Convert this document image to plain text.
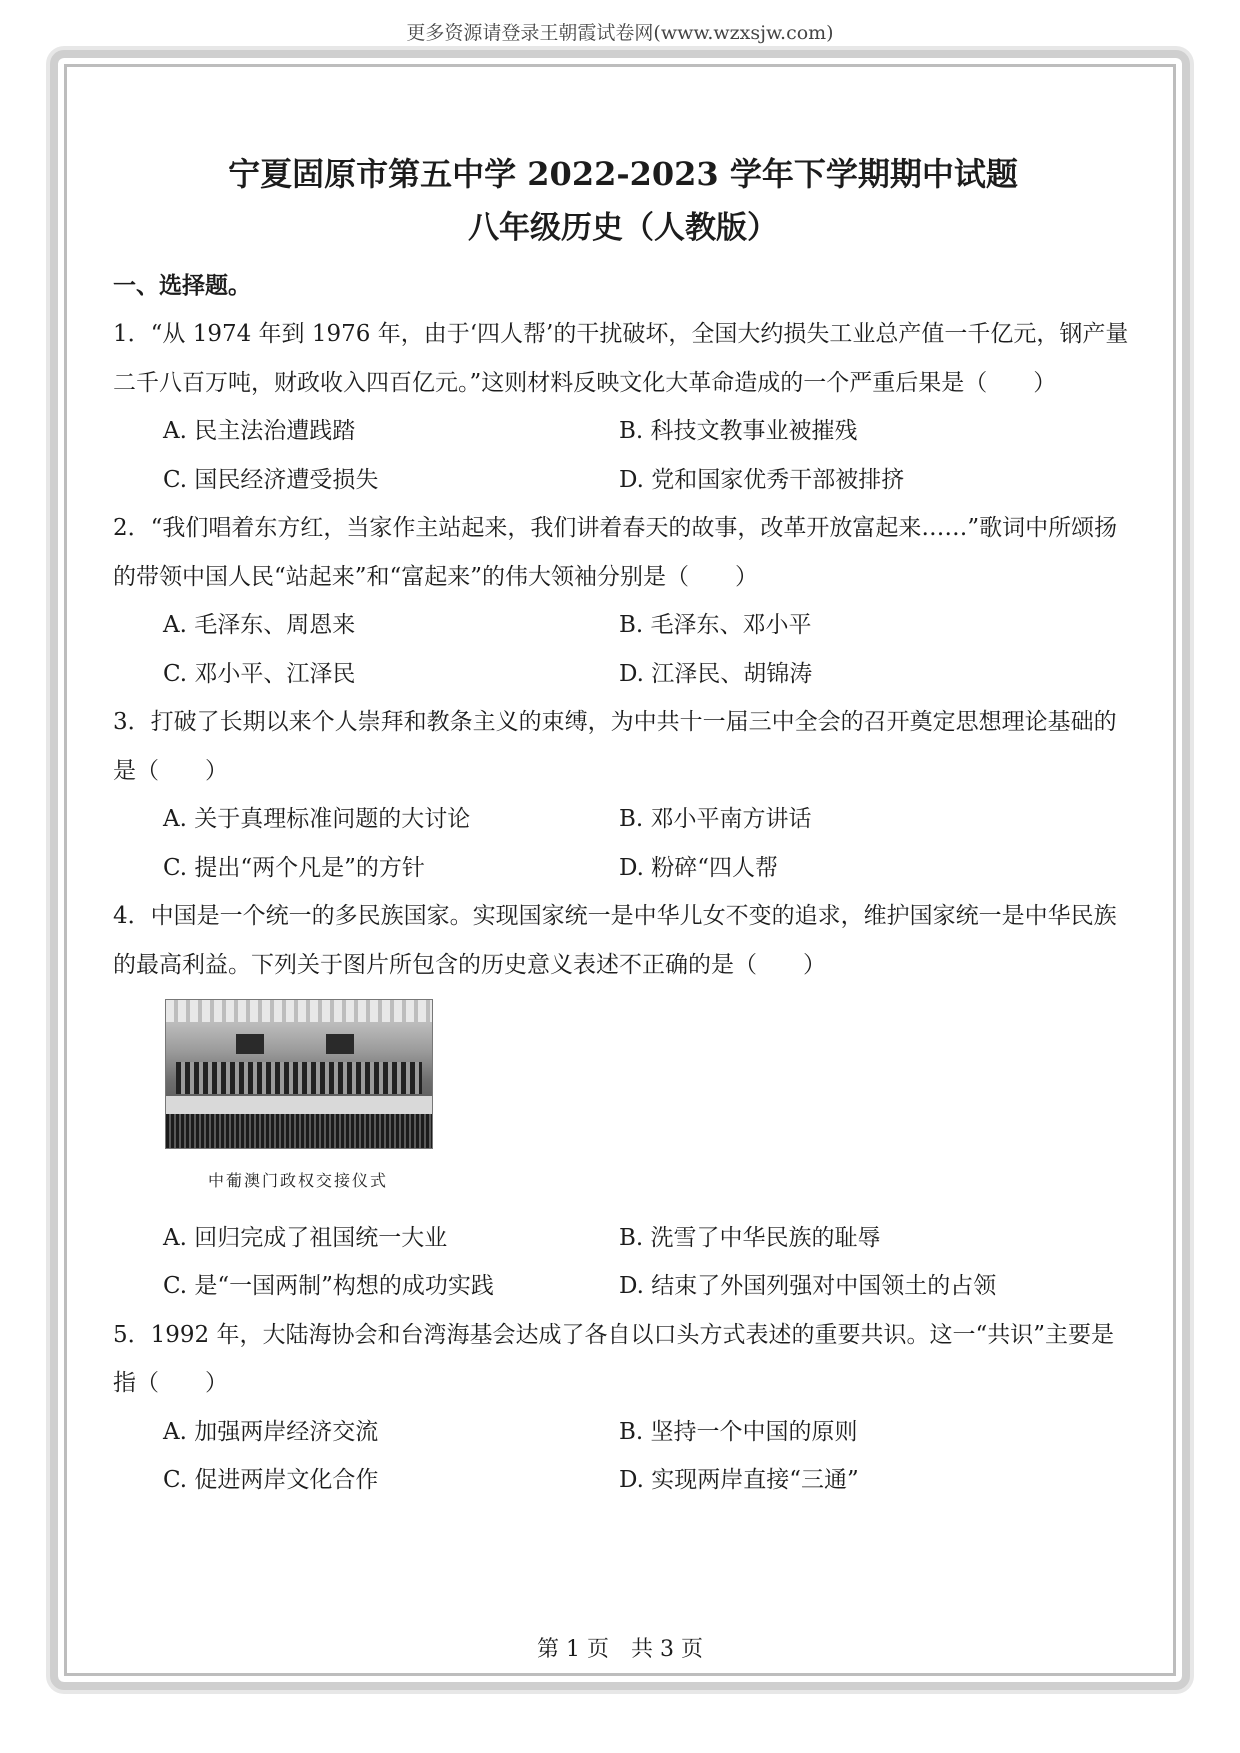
更多资源请登录王朝霞试卷网(www.wzxsjw.com)
宁夏固原市第五中学 2022-2023 学年下学期期中试题
八年级历史（人教版）
一、选择题。

1．“从 1974 年到 1976 年，由于‘四人帮’的干扰破坏，全国大约损失工业总产值一千亿元，钢产量二千八百万吨，财政收入四百亿元。”这则材料反映文化大革命造成的一个严重后果是（　　）

A. 民主法治遭践踏	B. 科技文教事业被摧残
C. 国民经济遭受损失	D. 党和国家优秀干部被排挤

2．“我们唱着东方红，当家作主站起来，我们讲着春天的故事，改革开放富起来……”歌词中所颂扬的带领中国人民“站起来”和“富起来”的伟大领袖分别是（　　）

A. 毛泽东、周恩来	B. 毛泽东、邓小平
C. 邓小平、江泽民	D. 江泽民、胡锦涛

3．打破了长期以来个人崇拜和教条主义的束缚，为中共十一届三中全会的召开奠定思想理论基础的是（　　）

A. 关于真理标准问题的大讨论	B. 邓小平南方讲话
C. 提出“两个凡是”的方针	D. 粉碎“四人帮

4．中国是一个统一的多民族国家。实现国家统一是中华儿女不变的追求，维护国家统一是中华民族的最高利益。下列关于图片所包含的历史意义表述不正确的是（　　）

中葡澳门政权交接仪式
A. 回归完成了祖国统一大业	B. 洗雪了中华民族的耻辱
C. 是“一国两制”构想的成功实践	D. 结束了外国列强对中国领土的占领

5．1992 年，大陆海协会和台湾海基会达成了各自以口头方式表述的重要共识。这一“共识”主要是指（　　）

A. 加强两岸经济交流	B. 坚持一个中国的原则
C. 促进两岸文化合作	D. 实现两岸直接“三通”
第 1 页　共 3 页
